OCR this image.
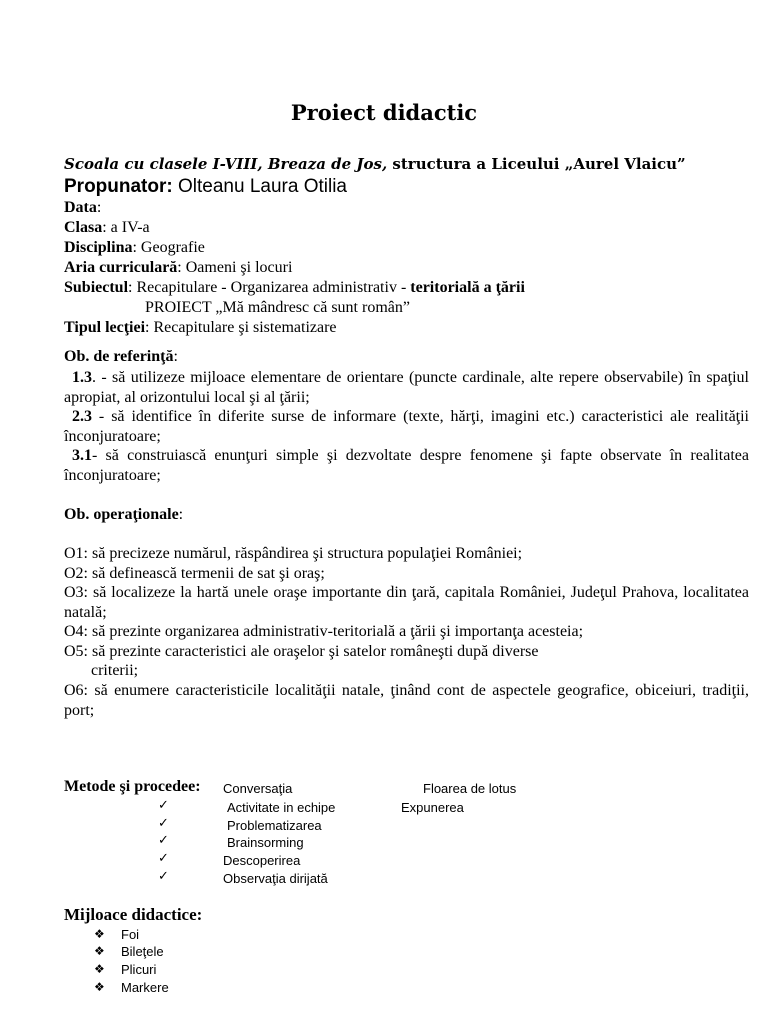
Proiect didactic
Scoala cu clasele I-VIII, Breaza de Jos, structura a Liceului „Aurel Vlaicu”
Propunator: Olteanu Laura Otilia
Data:
Clasa: a IV-a
Disciplina: Geografie
Aria curriculară: Oameni şi locuri
Subiectul: Recapitulare - Organizarea administrativ - teritorială a ţării
PROIECT „Mă mândresc că sunt român”
Tipul lecţiei: Recapitulare şi sistematizare
Ob. de referinţă:
1.3. - să utilizeze mijloace elementare de orientare (puncte cardinale, alte repere observabile) în spaţiul apropiat, al orizontului local şi al ţării;
2.3 - să identifice în diferite surse de informare (texte, hărţi, imagini etc.) caracteristici ale realităţii înconjuratoare;
3.1- să construiască enunţuri simple şi dezvoltate despre fenomene şi fapte observate în realitatea înconjuratoare;
Ob. operaţionale:
O1: să precizeze numărul, răspândirea şi structura populaţiei României;
O2: să definească termenii de sat şi oraş;
O3: să localizeze la hartă unele oraşe importante din ţară, capitala României, Judeţul Prahova, localitatea natală;
O4: să prezinte organizarea administrativ-teritorială a ţării şi importanţa acesteia;
O5: să prezinte caracteristici ale oraşelor şi satelor româneşti după diverse
criterii;
O6: să enumere caracteristicile localităţii natale, ţinând cont de aspectele geografice, obiceiuri, tradiţii, port;
Metode şi procedee: Conversaţia	Floarea de lotus
Expunerea
✓	Activitate in echipe
✓	Problematizarea
✓	Brainsorming
✓	Descoperirea
✓	Observaţia dirijată
Mijloace didactice:
❖ Foi
❖ Bileţele
❖ Plicuri
❖ Markere
